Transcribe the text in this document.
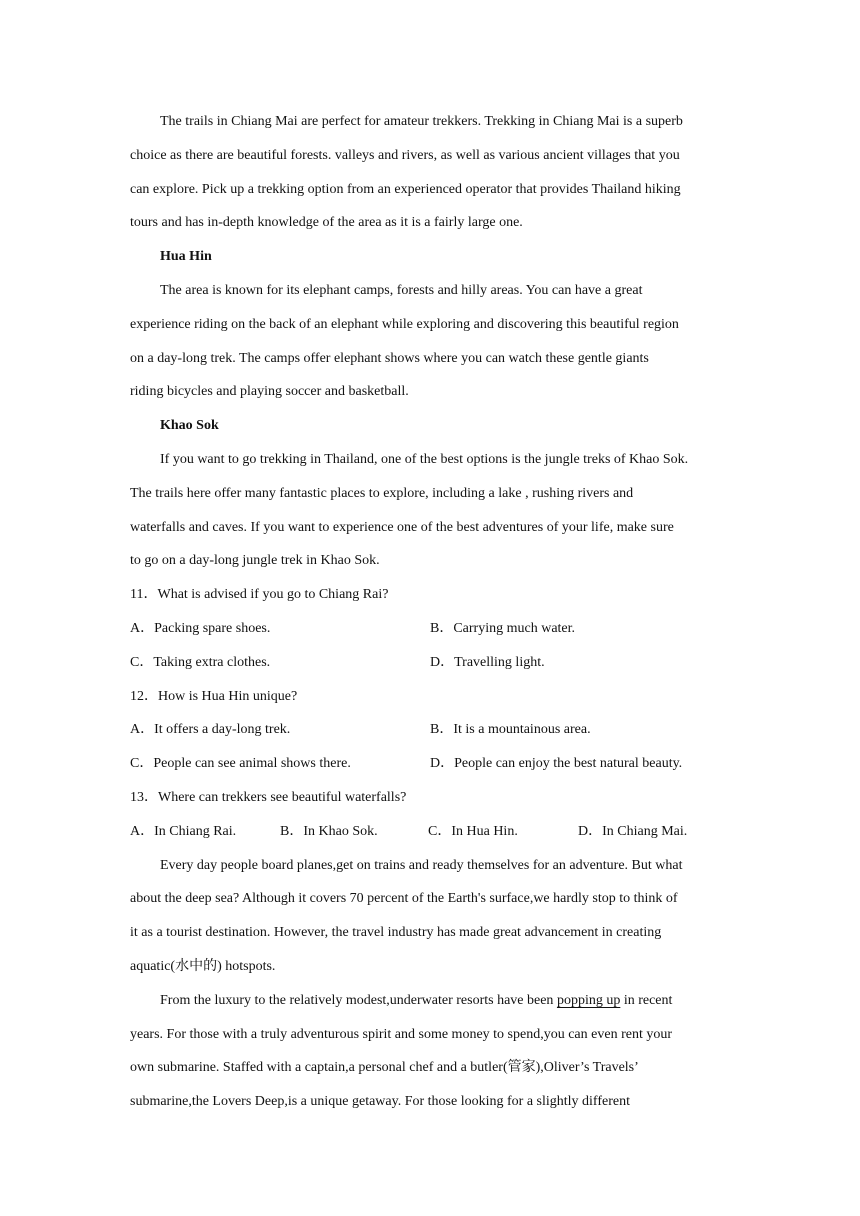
The trails in Chiang Mai are perfect for amateur trekkers. Trekking in Chiang Mai is a superb
choice as there are beautiful forests. valleys and rivers, as well as various ancient villages that you
can explore. Pick up a trekking option from an experienced operator that provides Thailand hiking
tours and has in-depth knowledge of the area as it is a fairly large one.
Hua Hin
The area is known for its elephant camps, forests and hilly areas. You can have a great
experience riding on the back of an elephant while exploring and discovering this beautiful region
on a day-long trek. The camps offer elephant shows where you can watch these gentle giants
riding bicycles and playing soccer and basketball.
Khao Sok
If you want to go trekking in Thailand, one of the best options is the jungle treks of Khao Sok.
The trails here offer many fantastic places to explore, including a lake , rushing rivers and
waterfalls and caves. If you want to experience one of the best adventures of your life, make sure
to go on a day-long jungle trek in Khao Sok.
11．What is advised if you go to Chiang Rai?
A．Packing spare shoes.	B．Carrying much water.
C．Taking extra clothes.	D．Travelling light.
12．How is Hua Hin unique?
A．It offers a day-long trek.	B．It is a mountainous area.
C．People can see animal shows there.	D．People can enjoy the best natural beauty.
13．Where can trekkers see beautiful waterfalls?
A．In Chiang Rai.	B．In Khao Sok.	C．In Hua Hin.	D．In Chiang Mai.
Every day people board planes,get on trains and ready themselves for an adventure. But what
about the deep sea? Although it covers 70 percent of the Earth's surface,we hardly stop to think of
it as a tourist destination. However, the travel industry has made great advancement in creating
aquatic(水中的) hotspots.
From the luxury to the relatively modest,underwater resorts have been popping up in recent
years. For those with a truly adventurous spirit and some money to spend,you can even rent your
own submarine. Staffed with a captain,a personal chef and a butler(管家),Oliver’s Travels’
submarine,the Lovers Deep,is a unique getaway. For those looking for a slightly different
